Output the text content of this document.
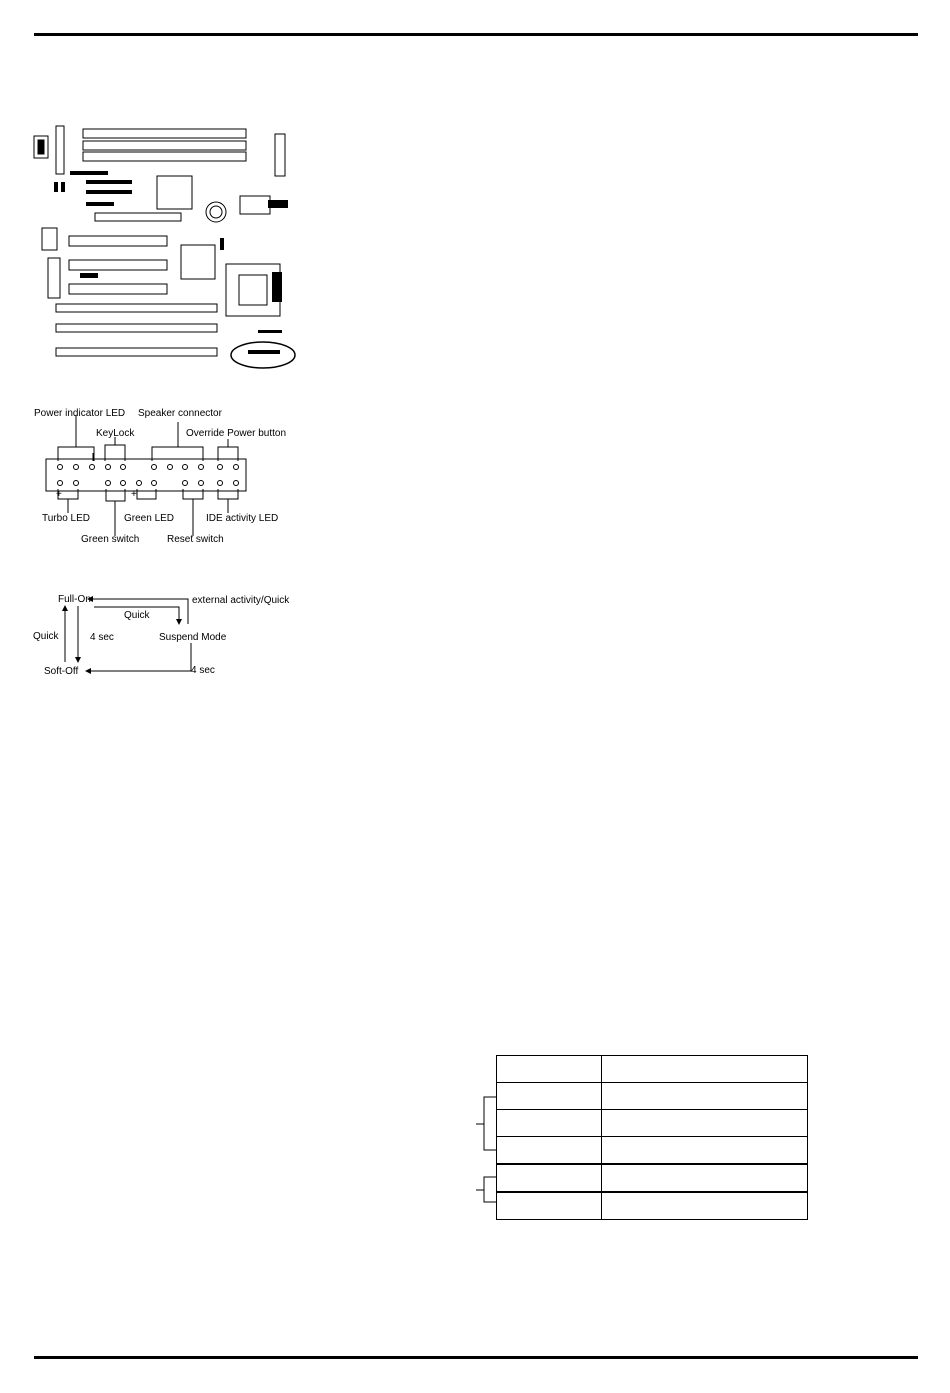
Power indicator LED Speaker connector
KeyLock	Override Power button
+	+
Turbo LED	Green LED	IDE activity LED
Green switch	Reset switch
Full-On
Soft-Off
Suspend Mode
Quick
Quick
4 sec
4 sec
external activity/Quick
